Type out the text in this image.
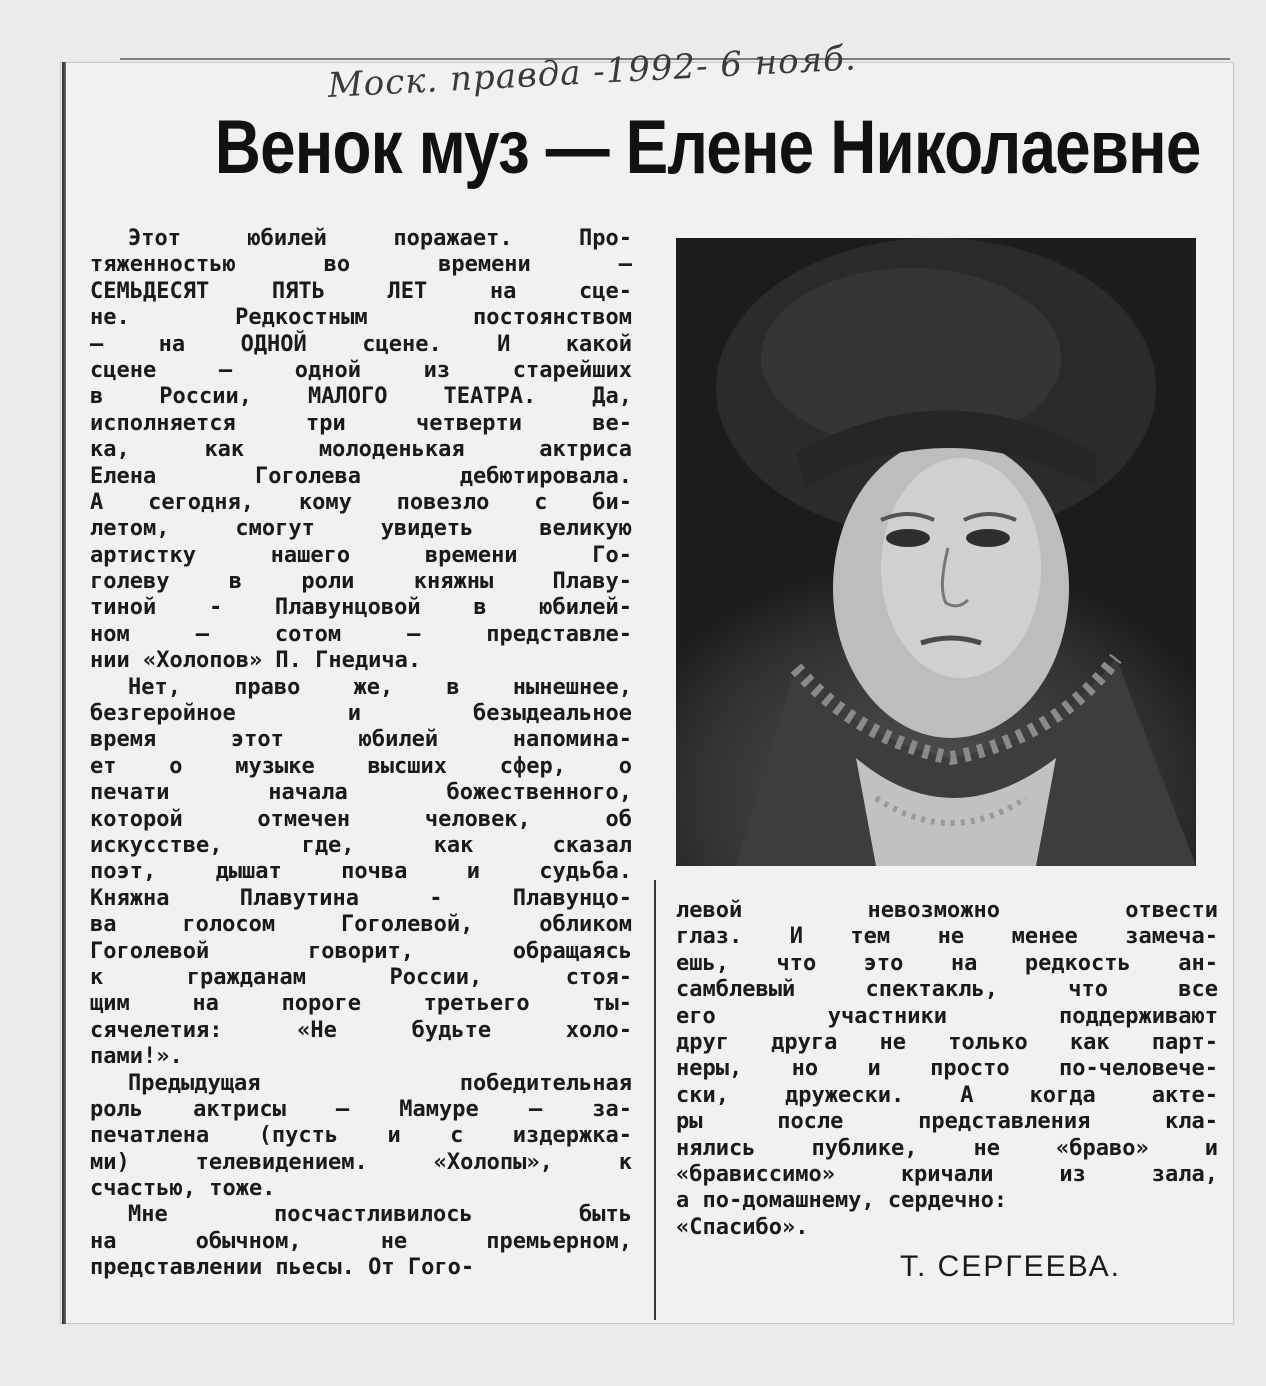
Моск. правда -1992- 6 нояб.
Венок муз — Елене Николаевне
Этот юбилей поражает. Про-
тяженностью во времени —
СЕМЬДЕСЯТ ПЯТЬ ЛЕТ на сце-
не. Редкостным постоянством
— на ОДНОЙ сцене. И какой
сцене — одной из старейших
в России, МАЛОГО ТЕАТРА. Да,
исполняется три четверти ве-
ка, как молоденькая актриса
Елена Гоголева дебютировала.
А сегодня, кому повезло с би-
летом, смогут увидеть великую
артистку нашего времени Го-
голеву в роли княжны Плаву-
тиной - Плавунцовой в юбилей-
ном — сотом — представле-
нии «Холопов» П. Гнедича.
Нет, право же, в нынешнее,
безгеройное и безыдеальное
время этот юбилей напомина-
ет о музыке высших сфер, о
печати начала божественного,
которой отмечен человек, об
искусстве, где, как сказал
поэт, дышат почва и судьба.
Княжна Плавутина - Плавунцо-
ва голосом Гоголевой, обликом
Гоголевой говорит, обращаясь
к гражданам России, стоя-
щим на пороге третьего ты-
сячелетия: «Не будьте холо-
пами!».
Предыдущая победительная
роль актрисы — Мамуре — за-
печатлена (пусть и с издержка-
ми) телевидением. «Холопы», к
счастью, тоже.
Мне посчастливилось быть
на обычном, не премьерном,
представлении пьесы. От Гого-
левой невозможно отвести
глаз. И тем не менее замеча-
ешь, что это на редкость ан-
самблевый спектакль, что все
его участники поддерживают
друг друга не только как парт-
неры, но и просто по-человече-
ски, дружески. А когда акте-
ры после представления кла-
нялись публике, не «браво» и
«брависсимо» кричали из зала,
а по-домашнему, сердечно:
«Спасибо».
Т. СЕРГЕЕВА.
